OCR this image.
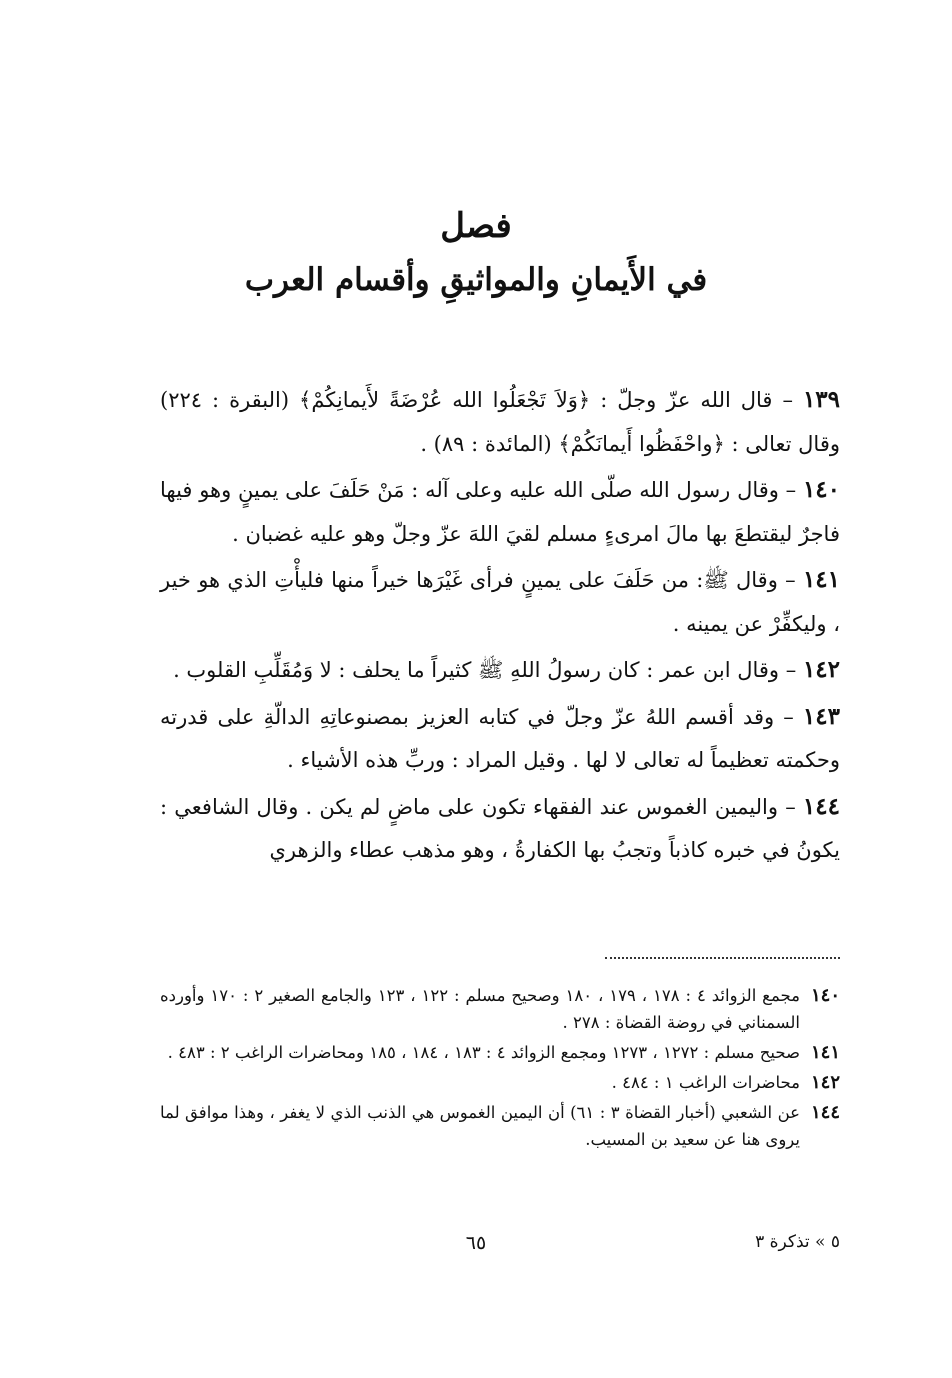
فصل
في الأَيمانِ والمواثيقِ وأقسام العرب

١٣٩ – قال الله عزّ وجلّ : ﴿وَلاَ تَجْعَلُوا الله عُرْضَةً لأَيمانِكُمْ﴾ (البقرة : ٢٢٤) وقال تعالى : ﴿واحْفَظُوا أَيمانَكُمْ﴾ (المائدة : ٨٩) .

١٤٠ – وقال رسول الله صلّى الله عليه وعلى آله : مَنْ حَلَفَ على يمينٍ وهو فيها فاجرٌ ليقتطعَ بها مالَ امرىءٍ مسلم لقيَ اللهَ عزّ وجلّ وهو عليه غضبان .

١٤١ – وقال ﷺ: من حَلَفَ على يمينٍ فرأى غَيْرَها خيراً منها فليأْتِ الذي هو خير ، وليكفِّرْ عن يمينه .

١٤٢ – وقال ابن عمر : كان رسولُ اللهِ ﷺ كثيراً ما يحلف : لا وَمُقَلِّبِ القلوب .

١٤٣ – وقد أقسم اللهُ عزّ وجلّ في كتابه العزيز بمصنوعاتِهِ الدالّةِ على قدرته وحكمته تعظيماً له تعالى لا لها . وقيل المراد : وربِّ هذه الأشياء .

١٤٤ – واليمين الغموس عند الفقهاء تكون على ماضٍ لم يكن . وقال الشافعي : يكونُ في خبره كاذباً وتجبُ بها الكفارةُ ، وهو مذهب عطاء والزهري

١٤٠
مجمع الزوائد ٤ : ١٧٨ ، ١٧٩ ، ١٨٠ وصحيح مسلم : ١٢٢ ، ١٢٣ والجامع الصغير ٢ : ١٧٠ وأورده السمناني في روضة القضاة : ٢٧٨ .
١٤١
صحيح مسلم : ١٢٧٢ ، ١٢٧٣ ومجمع الزوائد ٤ : ١٨٣ ، ١٨٤ ، ١٨٥ ومحاضرات الراغب ٢ : ٤٨٣ .
١٤٢
محاضرات الراغب ١ : ٤٨٤ .
١٤٤
عن الشعبي (أخبار القضاة ٣ : ٦١) أن اليمين الغموس هي الذنب الذي لا يغفر ، وهذا موافق لما يروى هنا عن سعيد بن المسيب.
٥ » تذكرة ٣
٦٥
